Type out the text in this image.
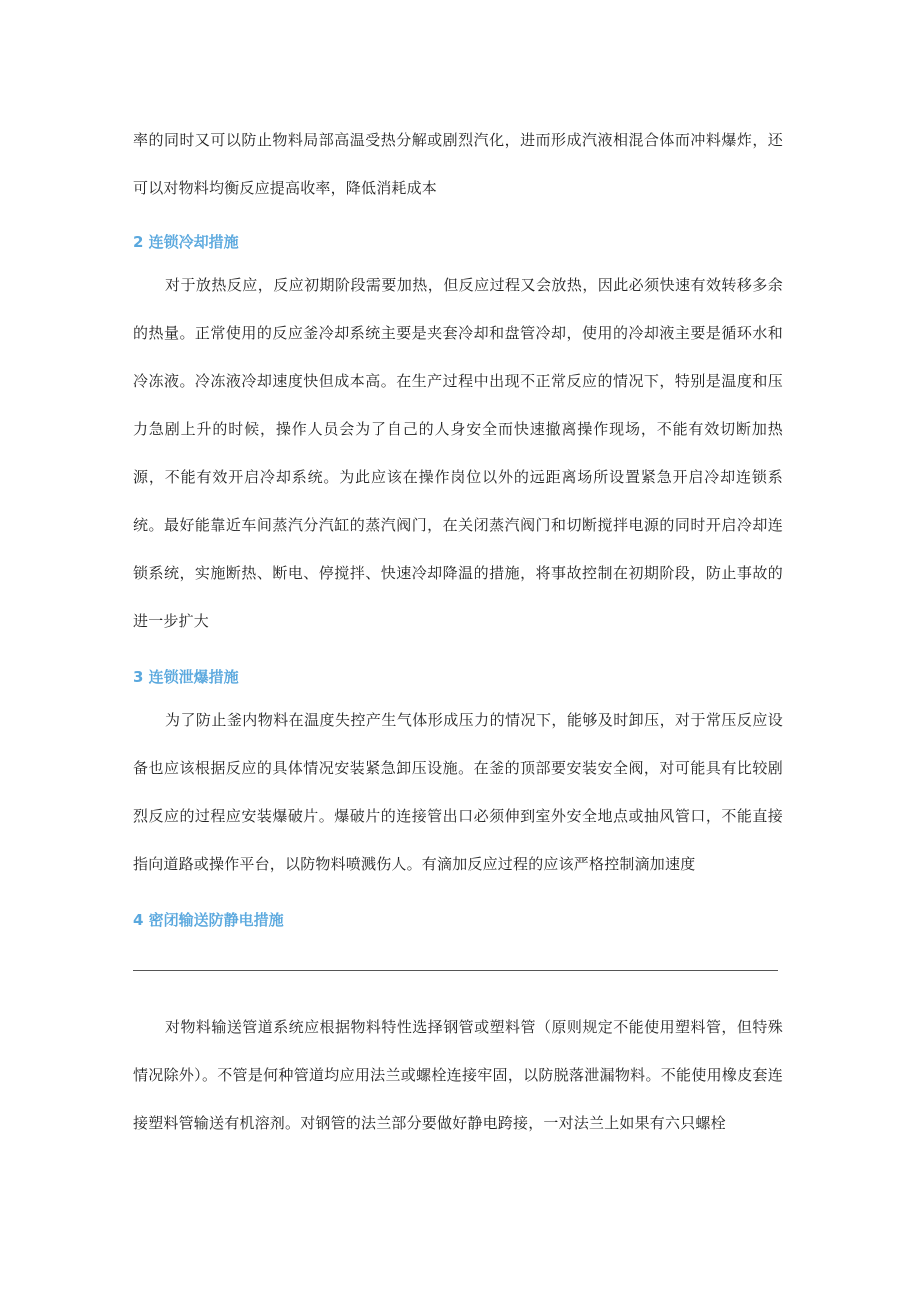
率的同时又可以防止物料局部高温受热分解或剧烈汽化，进而形成汽液相混合体而冲料爆炸，还可以对物料均衡反应提高收率，降低消耗成本

2 连锁冷却措施

对于放热反应，反应初期阶段需要加热，但反应过程又会放热，因此必须快速有效转移多余的热量。正常使用的反应釜冷却系统主要是夹套冷却和盘管冷却，使用的冷却液主要是循环水和冷冻液。冷冻液冷却速度快但成本高。在生产过程中出现不正常反应的情况下，特别是温度和压力急剧上升的时候，操作人员会为了自己的人身安全而快速撤离操作现场，不能有效切断加热源，不能有效开启冷却系统。为此应该在操作岗位以外的远距离场所设置紧急开启冷却连锁系统。最好能靠近车间蒸汽分汽缸的蒸汽阀门，在关闭蒸汽阀门和切断搅拌电源的同时开启冷却连锁系统，实施断热、断电、停搅拌、快速冷却降温的措施，将事故控制在初期阶段，防止事故的进一步扩大

3 连锁泄爆措施

为了防止釜内物料在温度失控产生气体形成压力的情况下，能够及时卸压，对于常压反应设备也应该根据反应的具体情况安装紧急卸压设施。在釜的顶部要安装安全阀，对可能具有比较剧烈反应的过程应安装爆破片。爆破片的连接管出口必须伸到室外安全地点或抽风管口，不能直接指向道路或操作平台，以防物料喷溅伤人。有滴加反应过程的应该严格控制滴加速度

4 密闭输送防静电措施

对物料输送管道系统应根据物料特性选择钢管或塑料管（原则规定不能使用塑料管，但特殊情况除外）。不管是何种管道均应用法兰或螺栓连接牢固，以防脱落泄漏物料。不能使用橡皮套连接塑料管输送有机溶剂。对钢管的法兰部分要做好静电跨接，一对法兰上如果有六只螺栓
